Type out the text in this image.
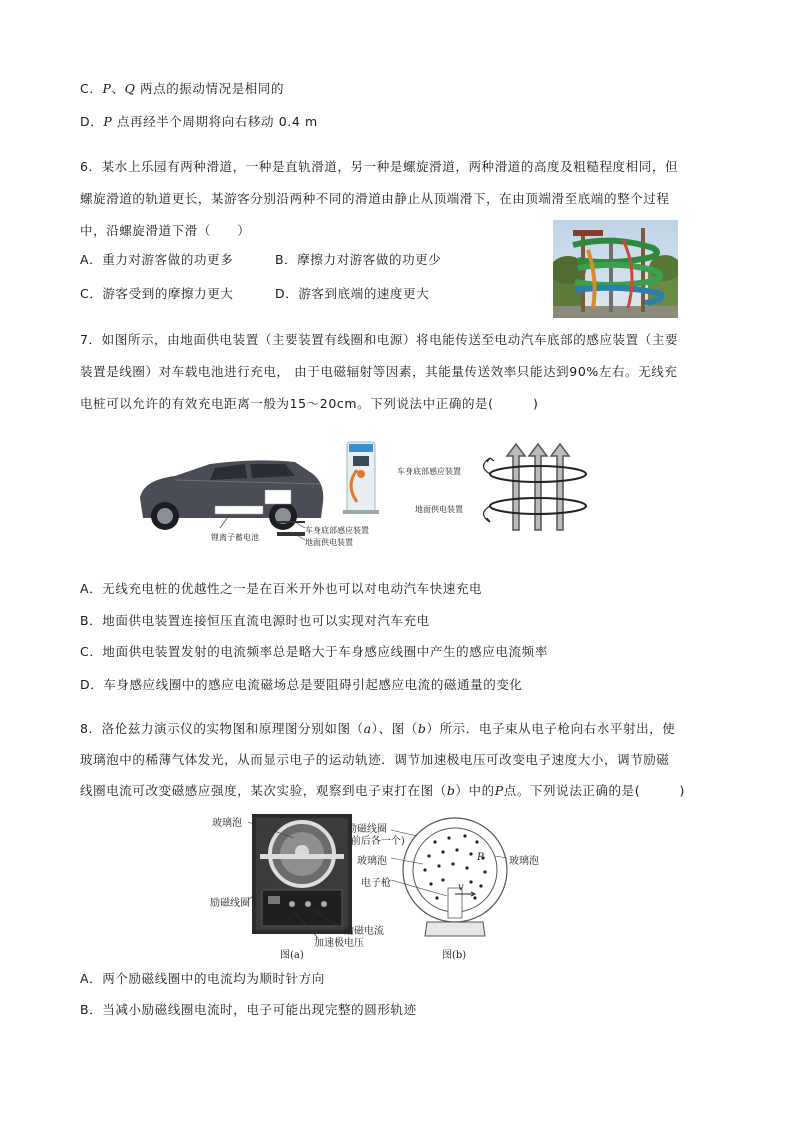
C．P、Q 两点的振动情况是相同的
D．P 点再经半个周期将向右移动 0.4 m
6．某水上乐园有两种滑道，一种是直轨滑道，另一种是螺旋滑道，两种滑道的高度及粗糙程度相同，但
螺旋滑道的轨道更长，某游客分别沿两种不同的滑道由静止从顶端滑下，在由顶端滑至底端的整个过程
中，沿螺旋滑道下滑（　　）
A．重力对游客做的功更多	B．摩擦力对游客做的功更少
C．游客受到的摩擦力更大	D．游客到底端的速度更大
7．如图所示，由地面供电装置（主要装置有线圈和电源）将电能传送至电动汽车底部的感应装置（主要
装置是线圈）对车载电池进行充电， 由于电磁辐射等因素，其能量传送效率只能达到90%左右。无线充
电桩可以允许的有效充电距离一般为15～20cm。下列说法中正确的是(　　　)
锂离子蓄电池
车身底部感应装置
地面供电装置
车身底部感应装置
地面供电装置
A．无线充电桩的优越性之一是在百米开外也可以对电动汽车快速充电
B．地面供电装置连接恒压直流电源时也可以实现对汽车充电
C．地面供电装置发射的电流频率总是略大于车身感应线圈中产生的感应电流频率
D．车身感应线圈中的感应电流磁场总是要阻碍引起感应电流的磁通量的变化
8．洛伦兹力演示仪的实物图和原理图分别如图（a）、图（b）所示．电子束从电子枪向右水平射出，使
玻璃泡中的稀薄气体发光，从而显示电子的运动轨迹．调节加速极电压可改变电子速度大小，调节励磁
线圈电流可改变磁感应强度，某次实验，观察到电子束打在图（b）中的P点。下列说法正确的是(　　　)
玻璃泡
励磁线圈
励磁电流
加速极电压
图(a)
励磁线圈
(前后各一个)
玻璃泡
电子枪
玻璃泡
图(b)
P
v
A．两个励磁线圈中的电流均为顺时针方向
B．当减小励磁线圈电流时，电子可能出现完整的圆形轨迹
